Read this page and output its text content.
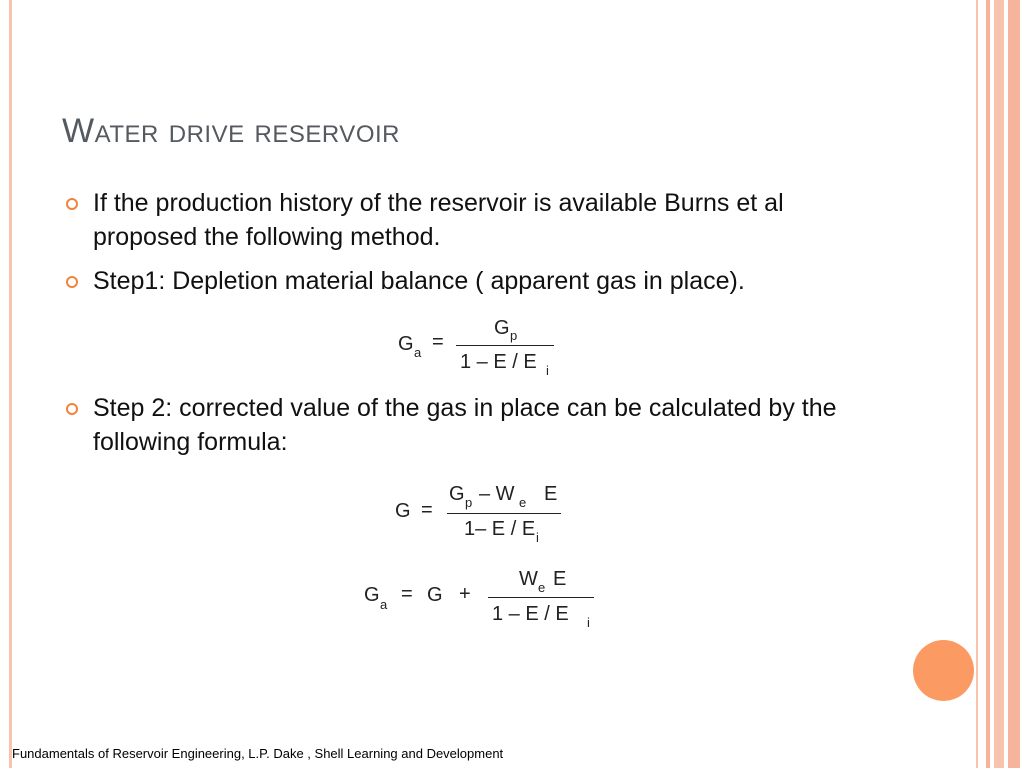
Water drive reservoir
If the production history of the reservoir is available Burns et al proposed the following method.
Step1: Depletion material balance ( apparent gas in place).
G a =
G p
1 – E / E i
Step 2: corrected value of the gas in place can be calculated by the following formula:
G =
G p – W e E
1– E / E i
G a = G +
W e E
1 – E / E i
Fundamentals of Reservoir Engineering, L.P. Dake , Shell Learning and Development
